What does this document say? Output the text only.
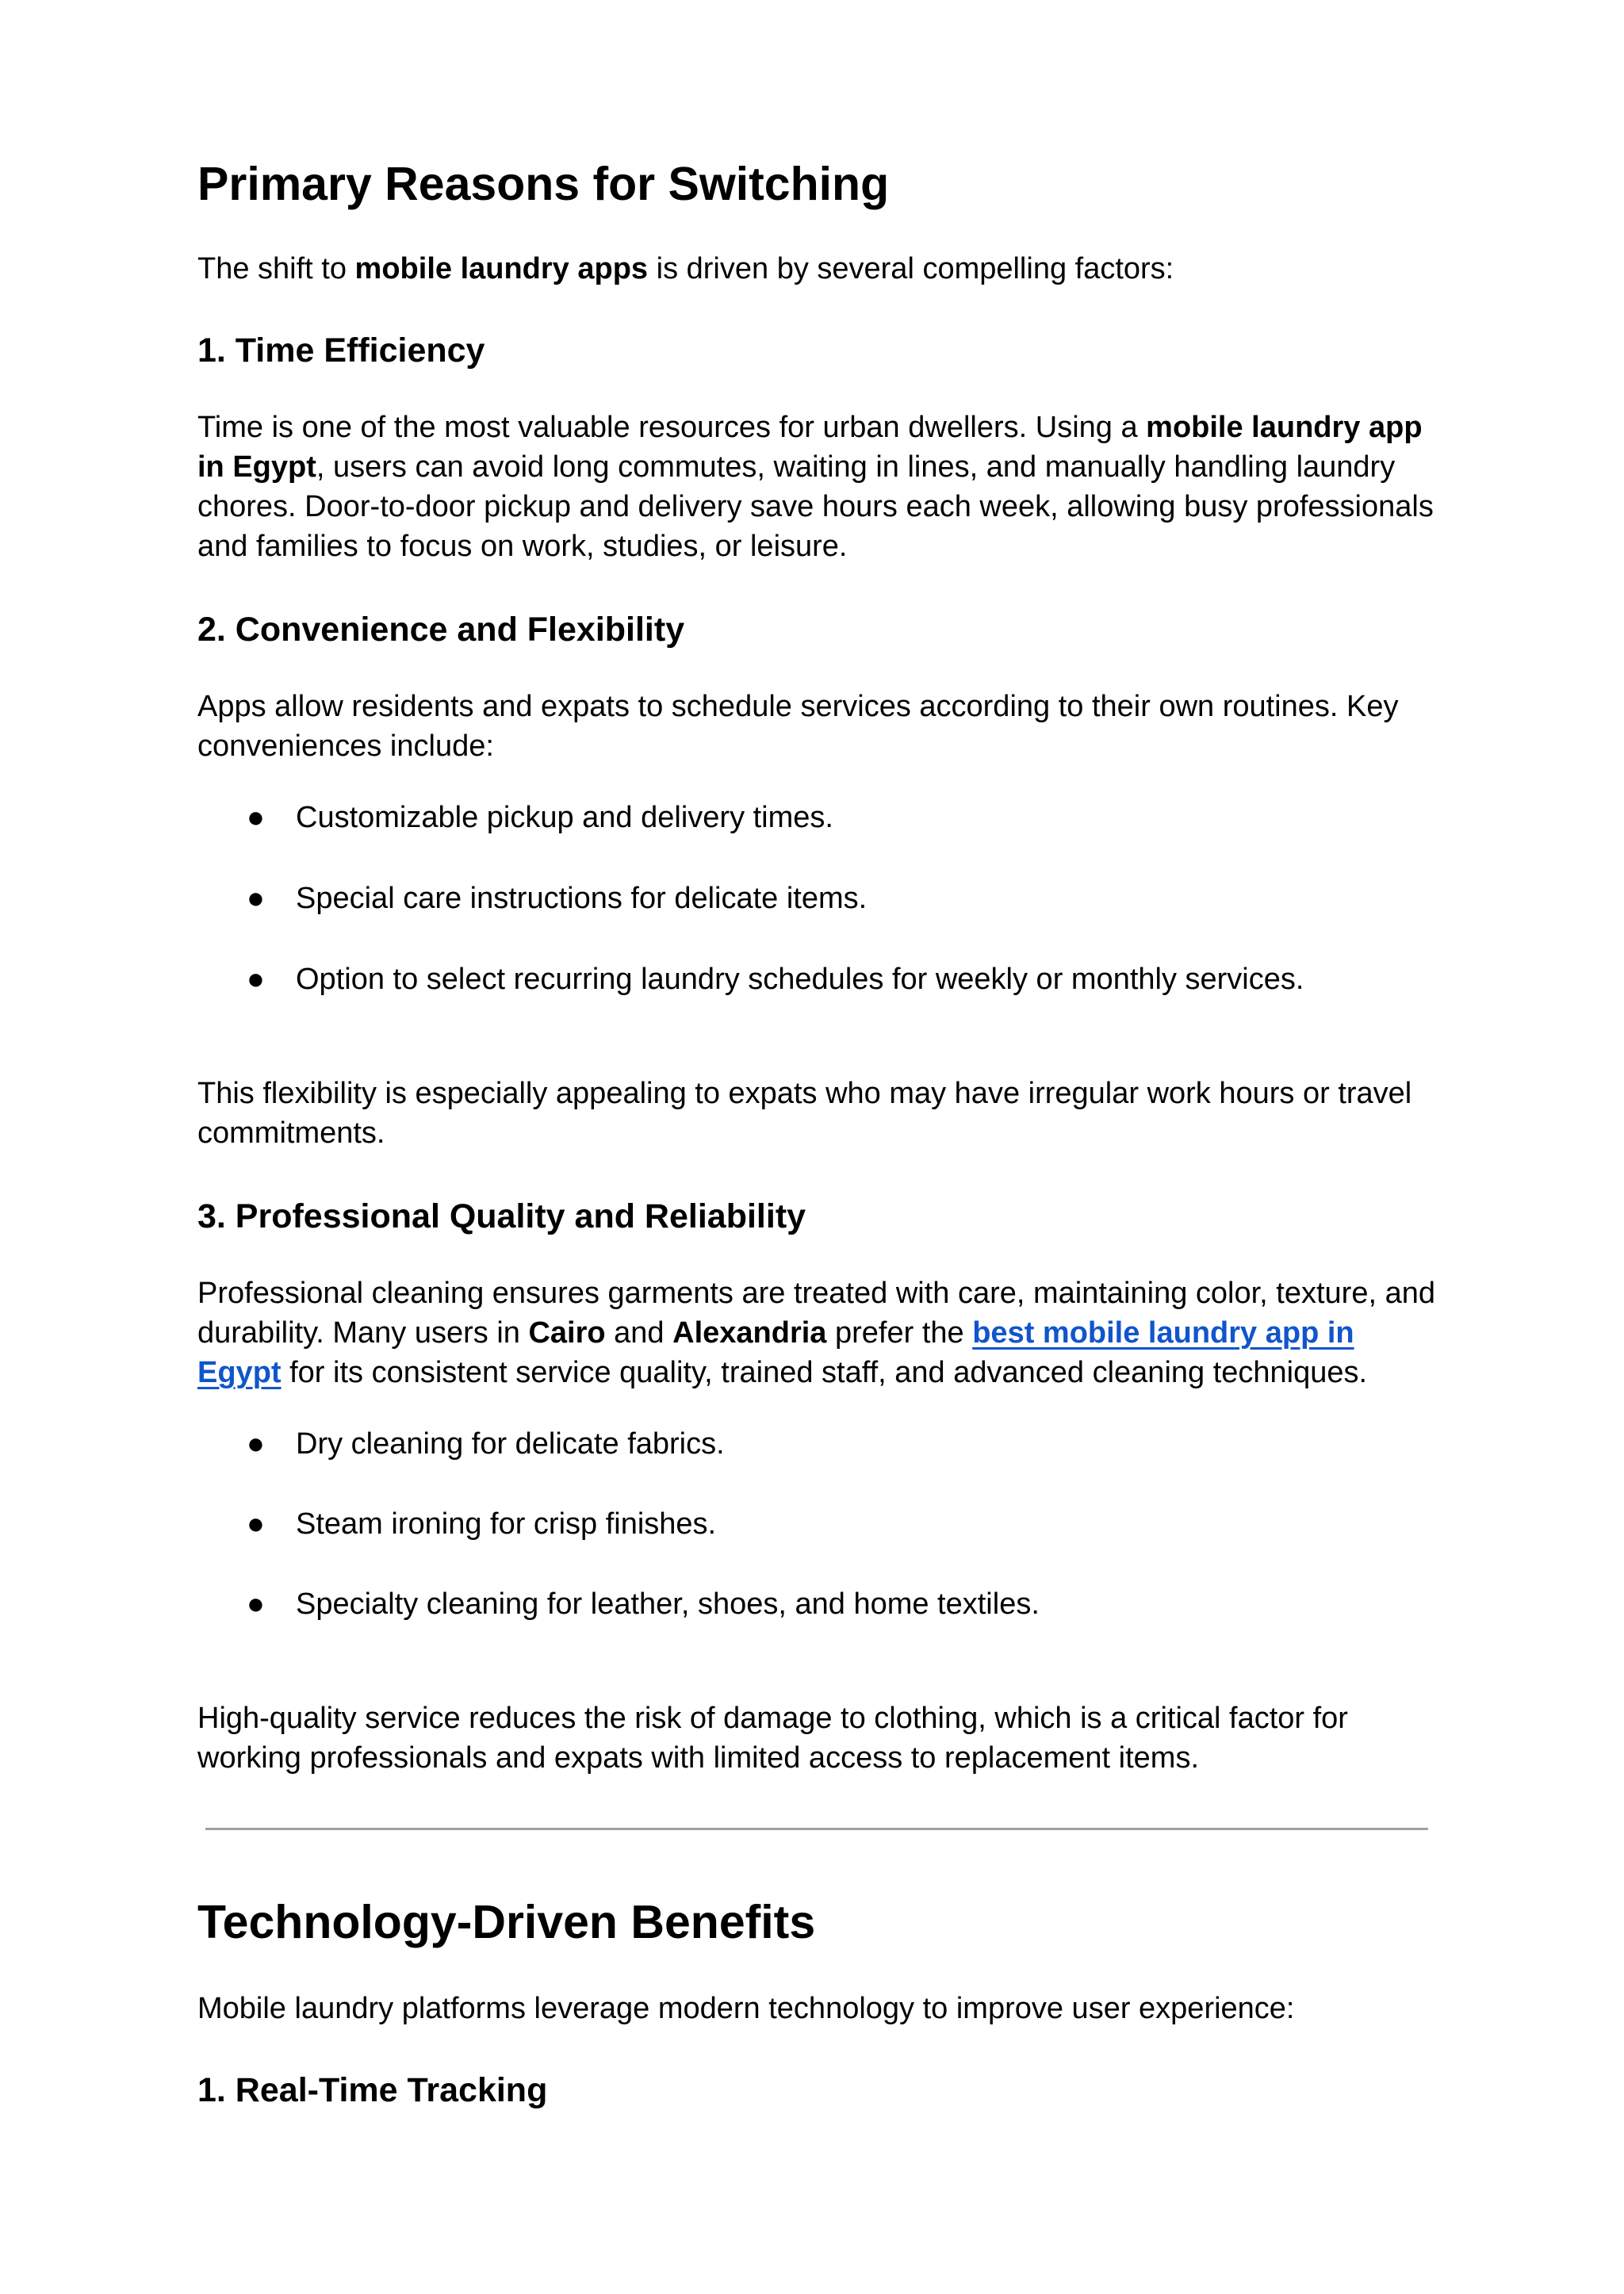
Primary Reasons for Switching

The shift to mobile laundry apps is driven by several compelling factors:

1. Time Efficiency

Time is one of the most valuable resources for urban dwellers. Using a mobile laundry app in Egypt, users can avoid long commutes, waiting in lines, and manually handling laundry chores. Door-to-door pickup and delivery save hours each week, allowing busy professionals and families to focus on work, studies, or leisure.

2. Convenience and Flexibility

Apps allow residents and expats to schedule services according to their own routines. Key conveniences include:

● Customizable pickup and delivery times.
● Special care instructions for delicate items.
● Option to select recurring laundry schedules for weekly or monthly services.

This flexibility is especially appealing to expats who may have irregular work hours or travel commitments.

3. Professional Quality and Reliability

Professional cleaning ensures garments are treated with care, maintaining color, texture, and durability. Many users in Cairo and Alexandria prefer the best mobile laundry app in Egypt for its consistent service quality, trained staff, and advanced cleaning techniques.

● Dry cleaning for delicate fabrics.
● Steam ironing for crisp finishes.
● Specialty cleaning for leather, shoes, and home textiles.

High-quality service reduces the risk of damage to clothing, which is a critical factor for working professionals and expats with limited access to replacement items.

Technology-Driven Benefits

Mobile laundry platforms leverage modern technology to improve user experience:

1. Real-Time Tracking
